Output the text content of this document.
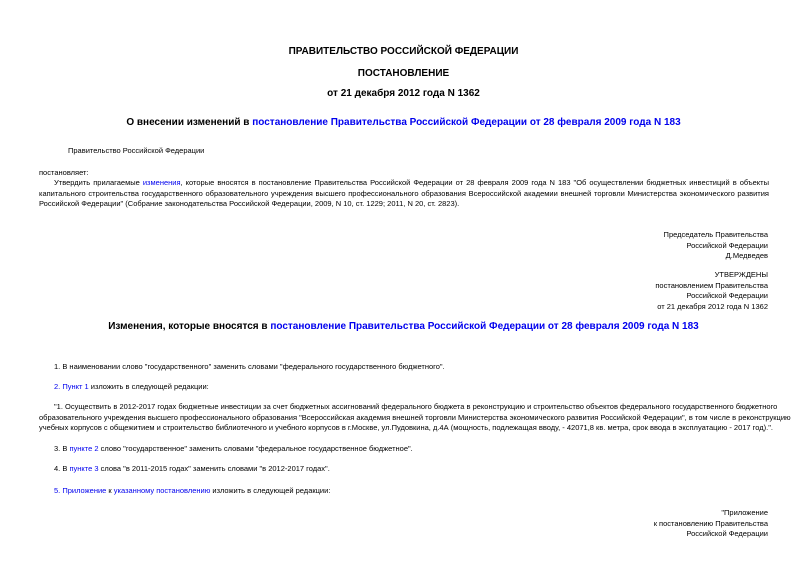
ПРАВИТЕЛЬСТВО РОССИЙСКОЙ ФЕДЕРАЦИИ
ПОСТАНОВЛЕНИЕ
от 21 декабря 2012 года N 1362
О внесении изменений в постановление Правительства Российской Федерации от 28 февраля 2009 года N 183
Правительство Российской Федерации
постановляет:
Утвердить прилагаемые изменения, которые вносятся в постановление Правительства Российской Федерации от 28 февраля 2009 года N 183 "Об осуществлении бюджетных инвестиций в объекты капитального строительства государственного образовательного учреждения высшего профессионального образования Всероссийской академии внешней торговли Министерства экономического развития Российской Федерации" (Собрание законодательства Российской Федерации, 2009, N 10, ст. 1229; 2011, N 20, ст. 2823).

Председатель Правительства

Российской Федерации

Д.Медведев

УТВЕРЖДЕНЫ

постановлением Правительства

Российской Федерации

от 21 декабря 2012 года N 1362

Изменения, которые вносятся в постановление Правительства Российской Федерации от 28 февраля 2009 года N 183
1. В наименовании слово "государственного" заменить словами "федерального государственного бюджетного".
2. Пункт 1 изложить в следующей редакции:

"1. Осуществить в 2012-2017 годах бюджетные инвестиции за счет бюджетных ассигнований федерального бюджета в реконструкцию и строительство объектов федерального государственного бюджетного

образовательного учреждения высшего профессионального образования "Всероссийская академия внешней торговли Министерства экономического развития Российской Федерации", в том числе в реконструкцию

учебных корпусов с общежитием и строительство библиотечного и учебного корпусов в г.Москве, ул.Пудовкина, д.4А (мощность, подлежащая вводу, - 42071,8 кв. метра, срок ввода в эксплуатацию - 2017 год).".

3. В пункте 2 слово "государственное" заменить словами "федеральное государственное бюджетное".
4. В пункте 3 слова "в 2011-2015 годах" заменить словами "в 2012-2017 годах".
5. Приложение к указанному постановлению изложить в следующей редакции:

"Приложение

к постановлению Правительства

Российской Федерации
